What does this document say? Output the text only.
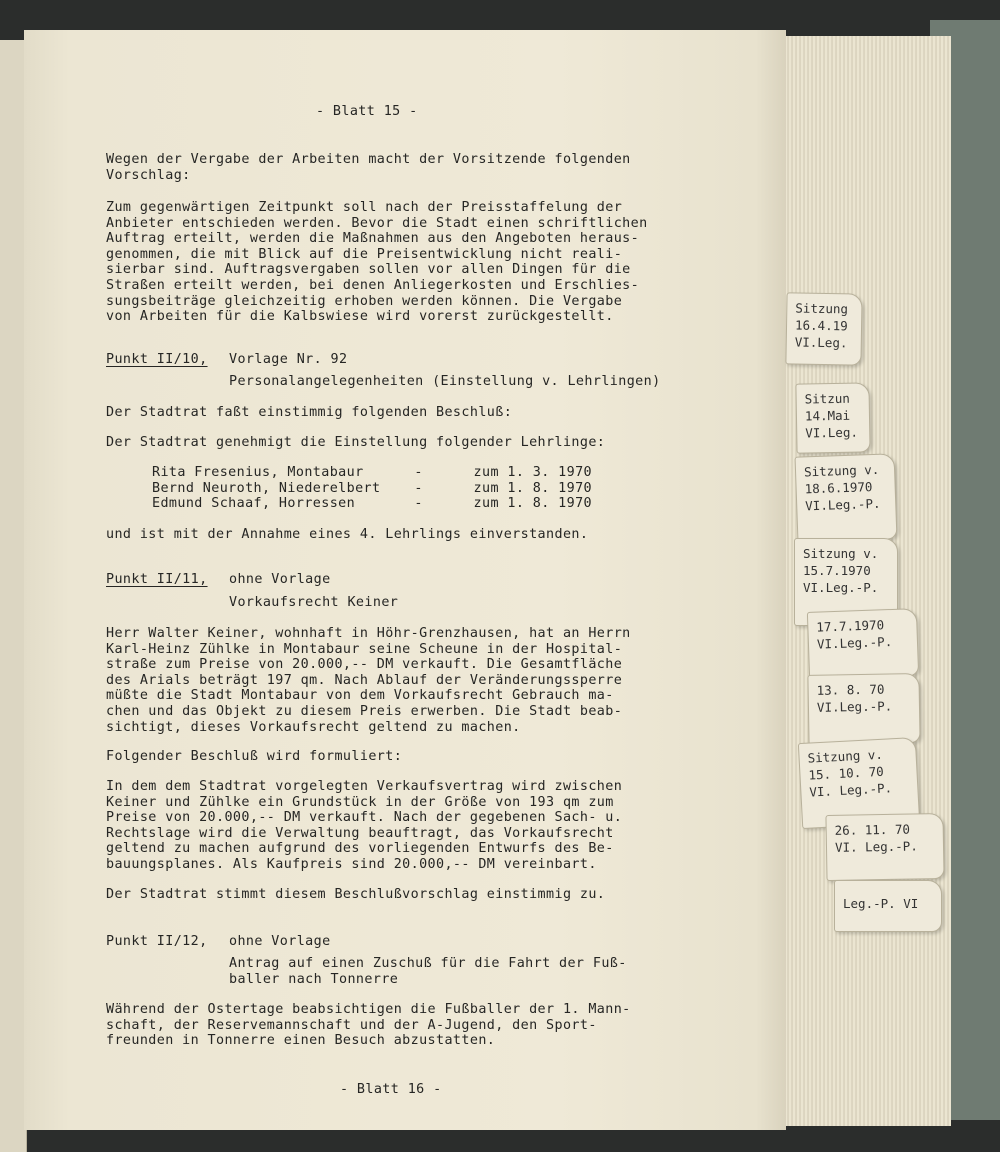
- Blatt 15 -
Wegen der Vergabe der Arbeiten macht der Vorsitzende folgenden
Vorschlag:
Zum gegenwärtigen Zeitpunkt soll nach der Preisstaffelung der
Anbieter entschieden werden. Bevor die Stadt einen schriftlichen
Auftrag erteilt, werden die Maßnahmen aus den Angeboten heraus-
genommen, die mit Blick auf die Preisentwicklung nicht reali-
sierbar sind. Auftragsvergaben sollen vor allen Dingen für die
Straßen erteilt werden, bei denen Anliegerkosten und Erschlies-
sungsbeiträge gleichzeitig erhoben werden können. Die Vergabe
von Arbeiten für die Kalbswiese wird vorerst zurückgestellt.
Punkt II/10, Vorlage Nr. 92
Personalangelegenheiten (Einstellung v. Lehrlingen)
Der Stadtrat faßt einstimmig folgenden Beschluß:
Der Stadtrat genehmigt die Einstellung folgender Lehrlinge:
Rita Fresenius, Montabaur      -      zum 1. 3. 1970
Bernd Neuroth, Niederelbert    -      zum 1. 8. 1970
Edmund Schaaf, Horressen       -      zum 1. 8. 1970
und ist mit der Annahme eines 4. Lehrlings einverstanden.
Punkt II/11, ohne Vorlage
Vorkaufsrecht Keiner
Herr Walter Keiner, wohnhaft in Höhr-Grenzhausen, hat an Herrn
Karl-Heinz Zühlke in Montabaur seine Scheune in der Hospital-
straße zum Preise von 20.000,-- DM verkauft. Die Gesamtfläche
des Arials beträgt 197 qm. Nach Ablauf der Veränderungssperre
müßte die Stadt Montabaur von dem Vorkaufsrecht Gebrauch ma-
chen und das Objekt zu diesem Preis erwerben. Die Stadt beab-
sichtigt, dieses Vorkaufsrecht geltend zu machen.
Folgender Beschluß wird formuliert:
In dem dem Stadtrat vorgelegten Verkaufsvertrag wird zwischen
Keiner und Zühlke ein Grundstück in der Größe von 193 qm zum
Preise von 20.000,-- DM verkauft. Nach der gegebenen Sach- u.
Rechtslage wird die Verwaltung beauftragt, das Vorkaufsrecht
geltend zu machen aufgrund des vorliegenden Entwurfs des Be-
bauungsplanes. Als Kaufpreis sind 20.000,-- DM vereinbart.
Der Stadtrat stimmt diesem Beschlußvorschlag einstimmig zu.
Punkt II/12, ohne Vorlage
Antrag auf einen Zuschuß für die Fahrt der Fuß-
baller nach Tonnerre
Während der Ostertage beabsichtigen die Fußballer der 1. Mann-
schaft, der Reservemannschaft und der A-Jugend, den Sport-
freunden in Tonnerre einen Besuch abzustatten.
- Blatt 16 -
Sitzung
16.4.19
VI.Leg.
Sitzun
14.Mai
VI.Leg.
Sitzung v.
18.6.1970
VI.Leg.-P.
Sitzung v.
15.7.1970
VI.Leg.-P.
17.7.1970
VI.Leg.-P.
13. 8. 70
VI.Leg.-P.
Sitzung v.
15. 10. 70
VI. Leg.-P.
26. 11. 70
VI. Leg.-P.
Leg.-P. VI
